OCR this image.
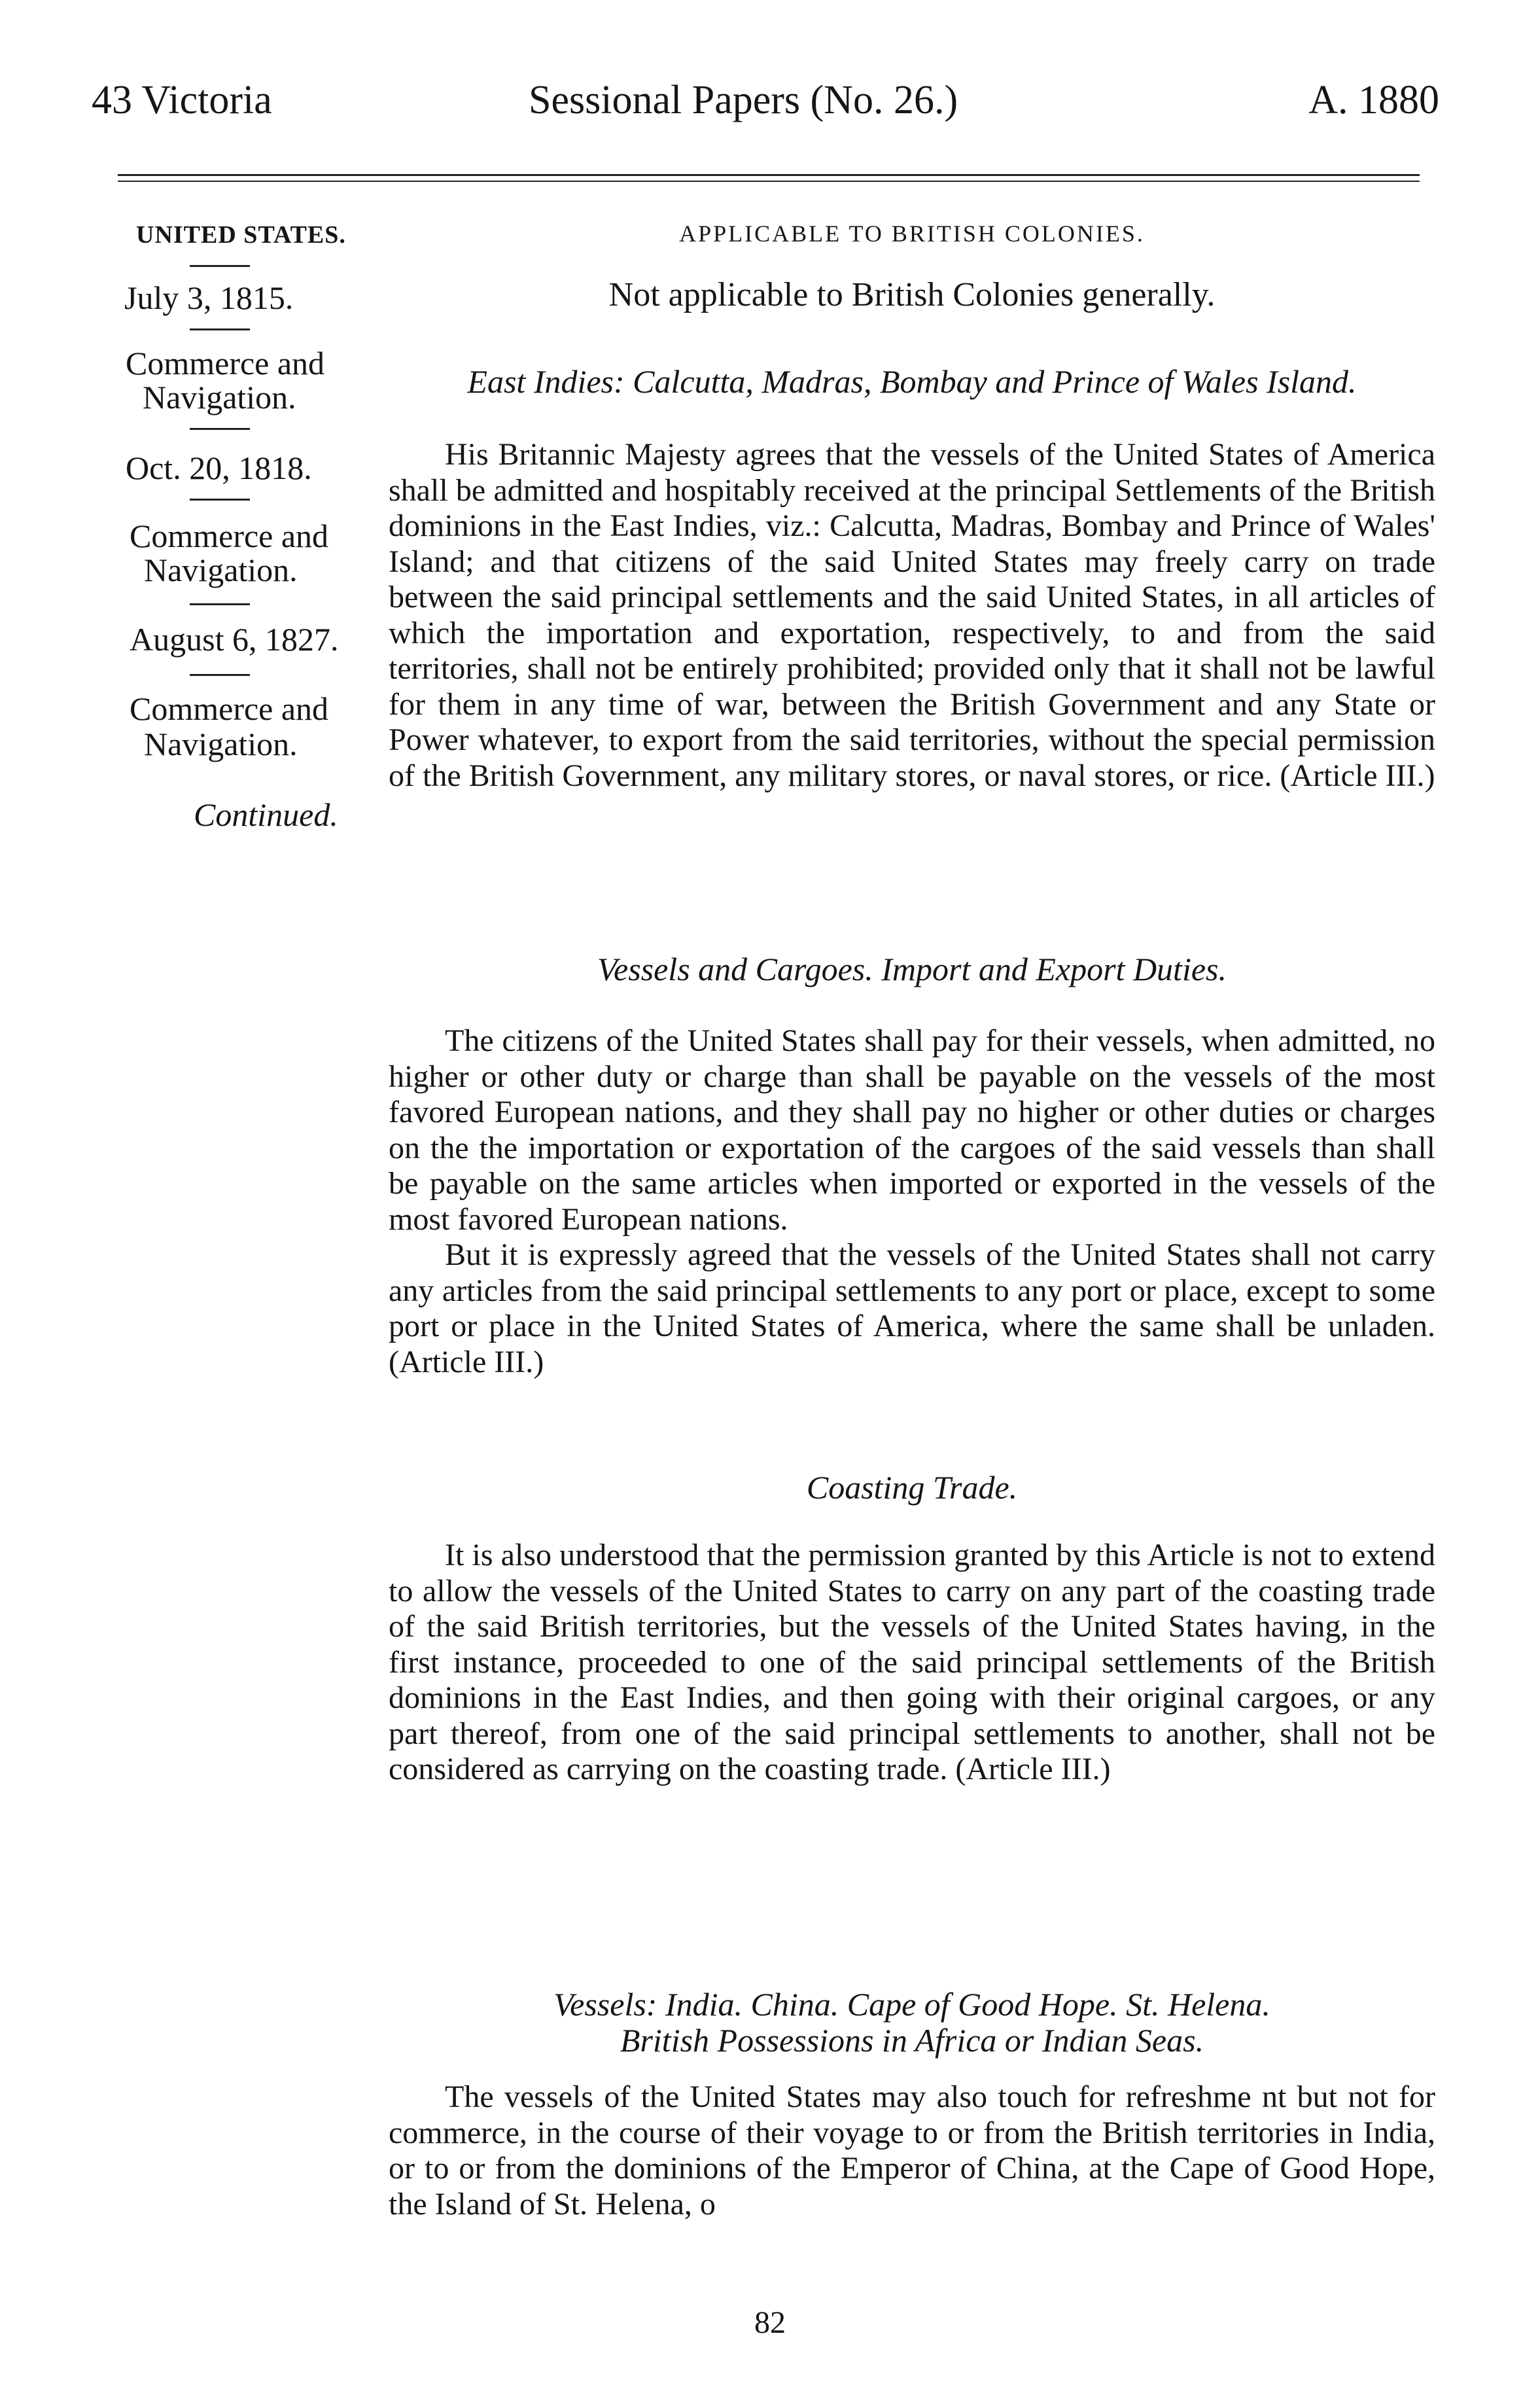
43 Victoria	Sessional Papers (No. 26.)	A. 1880
UNITED STATES.
July 3, 1815.
Commerce and
Navigation.
Oct. 20, 1818.
Commerce and
Navigation.
August 6, 1827.
Commerce and
Navigation.
Continued.

APPLICABLE TO BRITISH COLONIES.

Not applicable to British Colonies generally.

East Indies: Calcutta, Madras, Bombay and Prince of Wales Island.

His Britannic Majesty agrees that the vessels of the United States of America shall be admitted and hospitably received at the principal Settlements of the British dominions in the East Indies, viz.: Calcutta, Madras, Bombay and Prince of Wales' Island; and that citizens of the said United States may freely carry on trade between the said principal settlements and the said United States, in all articles of which the importation and exportation, respectively, to and from the said territories, shall not be entirely prohibited; provided only that it shall not be lawful for them in any time of war, between the British Government and any State or Power whatever, to export from the said territories, without the special permission of the British Government, any military stores, or naval stores, or rice. (Article III.)

Vessels and Cargoes. Import and Export Duties.

The citizens of the United States shall pay for their vessels, when admitted, no higher or other duty or charge than shall be payable on the vessels of the most favored European nations, and they shall pay no higher or other duties or charges on the the importation or exportation of the cargoes of the said vessels than shall be payable on the same articles when imported or exported in the vessels of the most favored European nations.

But it is expressly agreed that the vessels of the United States shall not carry any articles from the said principal settlements to any port or place, except to some port or place in the United States of America, where the same shall be unladen. (Article III.)

Coasting Trade.

It is also understood that the permission granted by this Article is not to extend to allow the vessels of the United States to carry on any part of the coasting trade of the said British territories, but the vessels of the United States having, in the first instance, proceeded to one of the said principal settlements of the British dominions in the East Indies, and then going with their original cargoes, or any part thereof, from one of the said principal settlements to another, shall not be considered as carrying on the coasting trade. (Article III.)

Vessels: India. China. Cape of Good Hope. St. Helena.

British Possessions in Africa or Indian Seas.

The vessels of the United States may also touch for refreshme nt but not for commerce, in the course of their voyage to or from the British territories in India, or to or from the dominions of the Emperor of China, at the Cape of Good Hope, the Island of St. Helena, o

82
